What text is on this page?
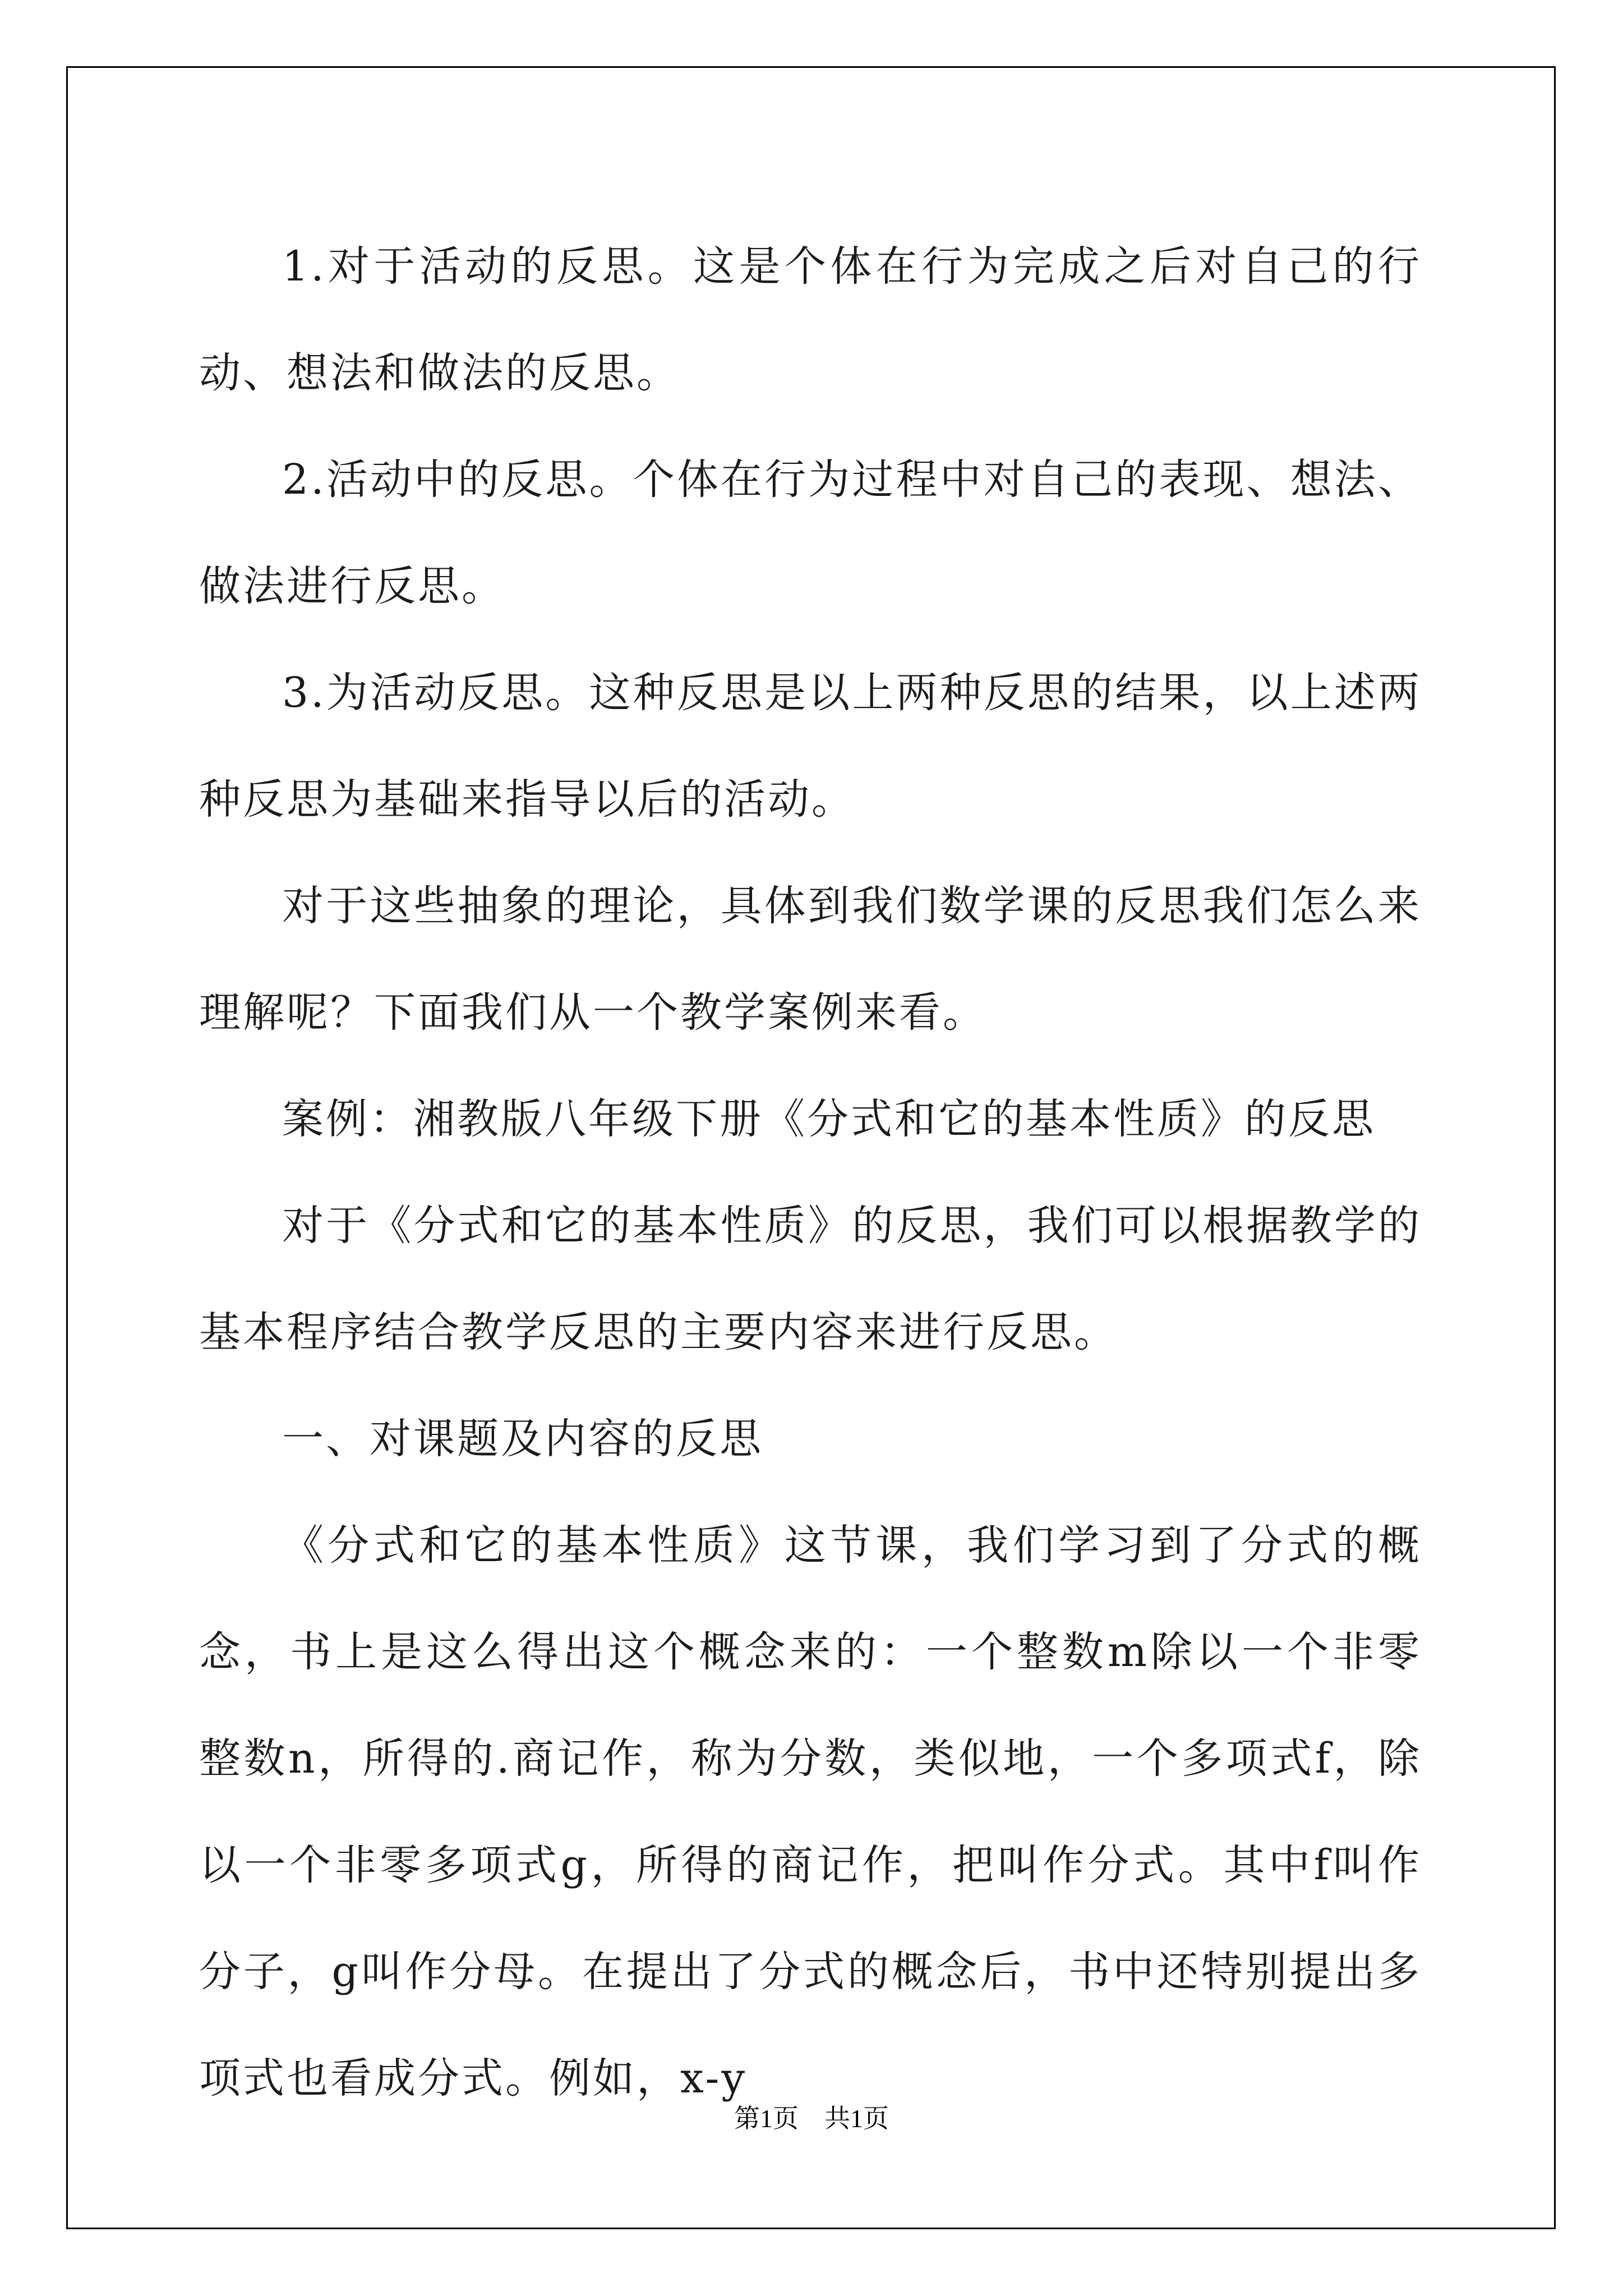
1.对于活动的反思。这是个体在行为完成之后对自己的行动、想法和做法的反思。

2.活动中的反思。个体在行为过程中对自己的表现、想法、做法进行反思。

3.为活动反思。这种反思是以上两种反思的结果，以上述两种反思为基础来指导以后的活动。

对于这些抽象的理论，具体到我们数学课的反思我们怎么来理解呢？下面我们从一个教学案例来看。

案例：湘教版八年级下册《分式和它的基本性质》的反思

对于《分式和它的基本性质》的反思，我们可以根据教学的基本程序结合教学反思的主要内容来进行反思。

一、对课题及内容的反思

《分式和它的基本性质》这节课，我们学习到了分式的概念，书上是这么得出这个概念来的：一个整数m除以一个非零整数n，所得的.商记作，称为分数，类似地，一个多项式f，除以一个非零多项式g，所得的商记作，把叫作分式。其中f叫作分子，g叫作分母。在提出了分式的概念后，书中还特别提出多项式也看成分式。例如，x-y

第1页　共1页
